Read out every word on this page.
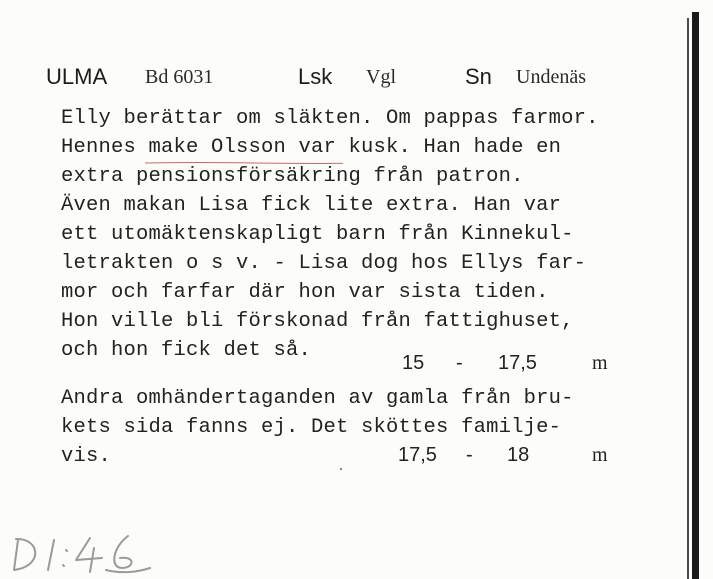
ULMA Bd 6031	Lsk Vgl	Sn Undenäs
Elly berättar om släkten. Om pappas farmor.
Hennes make Olsson var kusk. Han hade en
extra pensionsförsäkring från patron.
Även makan Lisa fick lite extra. Han var
ett utomäktenskapligt barn från Kinnekul-
letrakten o s v. - Lisa dog hos Ellys far-
mor och farfar där hon var sista tiden.
Hon ville bli förskonad från fattighuset,
och hon fick det så.
15 - 17,5	m
Andra omhändertaganden av gamla från bru-
kets sida fanns ej. Det sköttes familje-
vis.	17,5 - 18	m
